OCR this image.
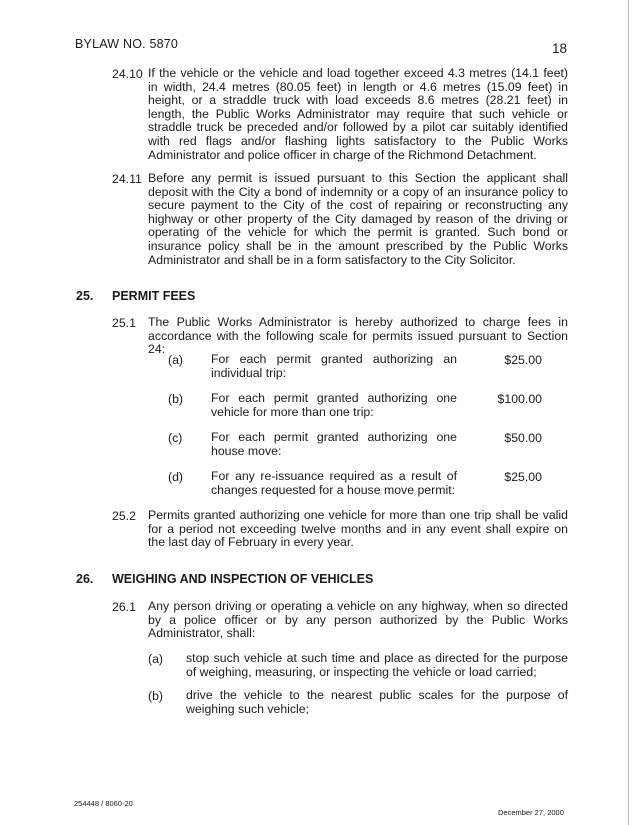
BYLAW NO. 5870	18
24.10 If the vehicle or the vehicle and load together exceed 4.3 metres (14.1 feet) in width, 24.4 metres (80.05 feet) in length or 4.6 metres (15.09 feet) in height, or a straddle truck with load exceeds 8.6 metres (28.21 feet) in length, the Public Works Administrator may require that such vehicle or straddle truck be preceded and/or followed by a pilot car suitably identified with red flags and/or flashing lights satisfactory to the Public Works Administrator and police officer in charge of the Richmond Detachment.
24.11 Before any permit is issued pursuant to this Section the applicant shall deposit with the City a bond of indemnity or a copy of an insurance policy to secure payment to the City of the cost of repairing or reconstructing any highway or other property of the City damaged by reason of the driving or operating of the vehicle for which the permit is granted. Such bond or insurance policy shall be in the amount prescribed by the Public Works Administrator and shall be in a form satisfactory to the City Solicitor.
25. PERMIT FEES
25.1 The Public Works Administrator is hereby authorized to charge fees in accordance with the following scale for permits issued pursuant to Section 24:
(a) For each permit granted authorizing an individual trip:
$25.00
(b) For each permit granted authorizing one vehicle for more than one trip:
$100.00
(c) For each permit granted authorizing one house move:
$50.00
(d) For any re-issuance required as a result of changes requested for a house move permit:
$25.00
25.2 Permits granted authorizing one vehicle for more than one trip shall be valid for a period not exceeding twelve months and in any event shall expire on the last day of February in every year.
26. WEIGHING AND INSPECTION OF VEHICLES
26.1 Any person driving or operating a vehicle on any highway, when so directed by a police officer or by any person authorized by the Public Works Administrator, shall:
(a) stop such vehicle at such time and place as directed for the purpose of weighing, measuring, or inspecting the vehicle or load carried;
(b) drive the vehicle to the nearest public scales for the purpose of weighing such vehicle;
254448 / 8060-20
December 27, 2000
